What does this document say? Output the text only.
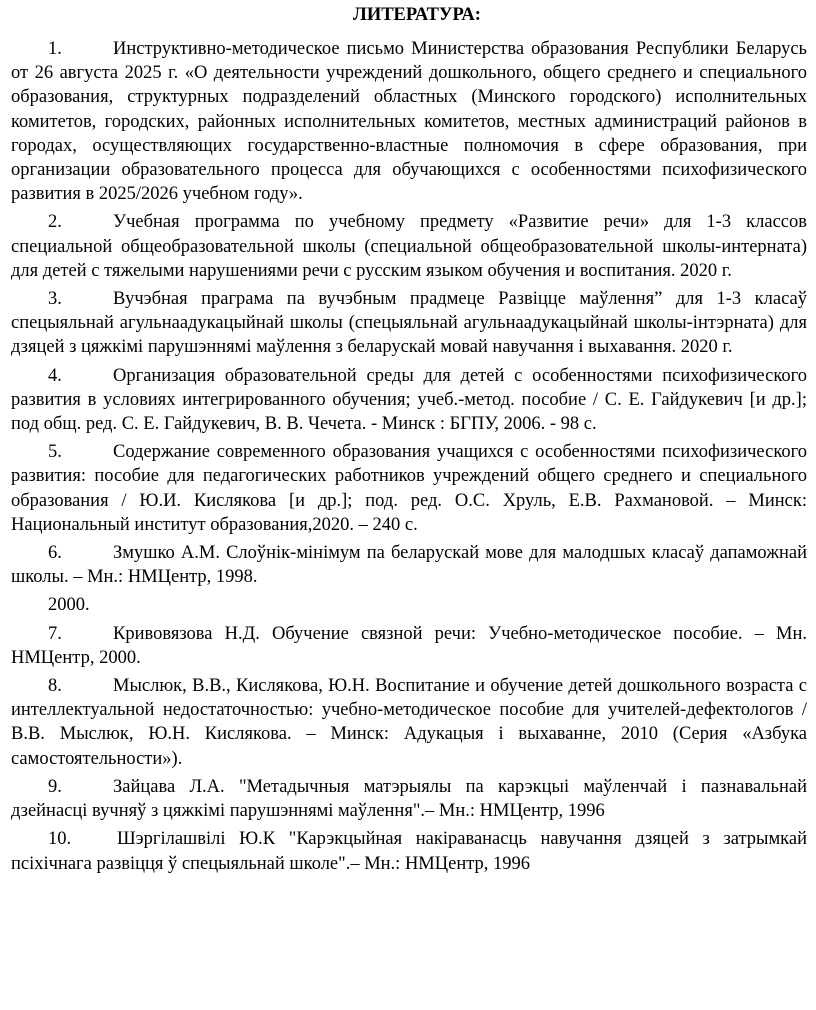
ЛИТЕРАТУРА:
1.	Инструктивно-методическое письмо Министерства образования Республики Беларусь от 26 августа 2025 г. «О деятельности учреждений дошкольного, общего среднего и специального образования, структурных подразделений областных (Минского городского) исполнительных комитетов, городских, районных исполнительных комитетов, местных администраций районов в городах, осуществляющих государственно-властные полномочия в сфере образования, при организации образовательного процесса для обучающихся с особенностями психофизического развития в 2025/2026 учебном году».
2.	Учебная программа по учебному предмету «Развитие речи» для 1-3 классов специальной общеобразовательной школы (специальной общеобразовательной школы-интерната) для детей с тяжелыми нарушениями речи с русским языком обучения и воспитания. 2020 г.
3.	Вучэбная праграма па вучэбным прадмеце Развіцце маўлення” для 1-3 класаў спецыяльнай агульнаадукацыйнай школы (спецыяльнай агульнаадукацыйнай школы-інтэрната) для дзяцей з цяжкімі парушэннямі маўлення з беларускай мовай навучання і выхавання. 2020 г.
4.	Организация образовательной среды для детей с особенностями психофизического развития в условиях интегрированного обучения; учеб.-метод. пособие / С. Е. Гайдукевич [и др.]; под общ. ред. С. Е. Гайдукевич, В. В. Чечета. - Минск : БГПУ, 2006. - 98 с.
5.	Содержание современного образования учащихся с особенностями психофизического развития: пособие для педагогических работников учреждений общего среднего и специального образования / Ю.И. Кислякова [и др.]; под. ред. О.С. Хруль, Е.В. Рахмановой. – Минск: Национальный институт образования,2020. – 240 с.
6.	Змушко А.М. Слоўнік-мінімум па беларускай мове для малодшых класаў дапаможнай школы. – Мн.: НМЦентр, 1998.
2000.
7.	Кривовязова Н.Д. Обучение связной речи: Учебно-методическое пособие. – Мн. НМЦентр, 2000.
8.	Мыслюк, В.В., Кислякова, Ю.Н. Воспитание и обучение детей дошкольного возраста с интеллектуальной недостаточностью: учебно-методическое пособие для учителей-дефектологов / В.В. Мыслюк, Ю.Н. Кислякова. – Минск: Адукацыя і выхаванне, 2010 (Серия «Азбука самостоятельности»).
9.	Зайцава Л.А. "Метадычныя матэрыялы па карэкцыі маўленчай і пазнавальнай дзейнасці вучняў з цяжкімі парушэннямі маўлення".– Мн.: НМЦентр, 1996
10. Шэргілашвілі Ю.К "Карэкцыйная накіраванасць навучання дзяцей з затрымкай псіхічнага развіцця ў спецыяльнай школе".– Мн.: НМЦентр, 1996
